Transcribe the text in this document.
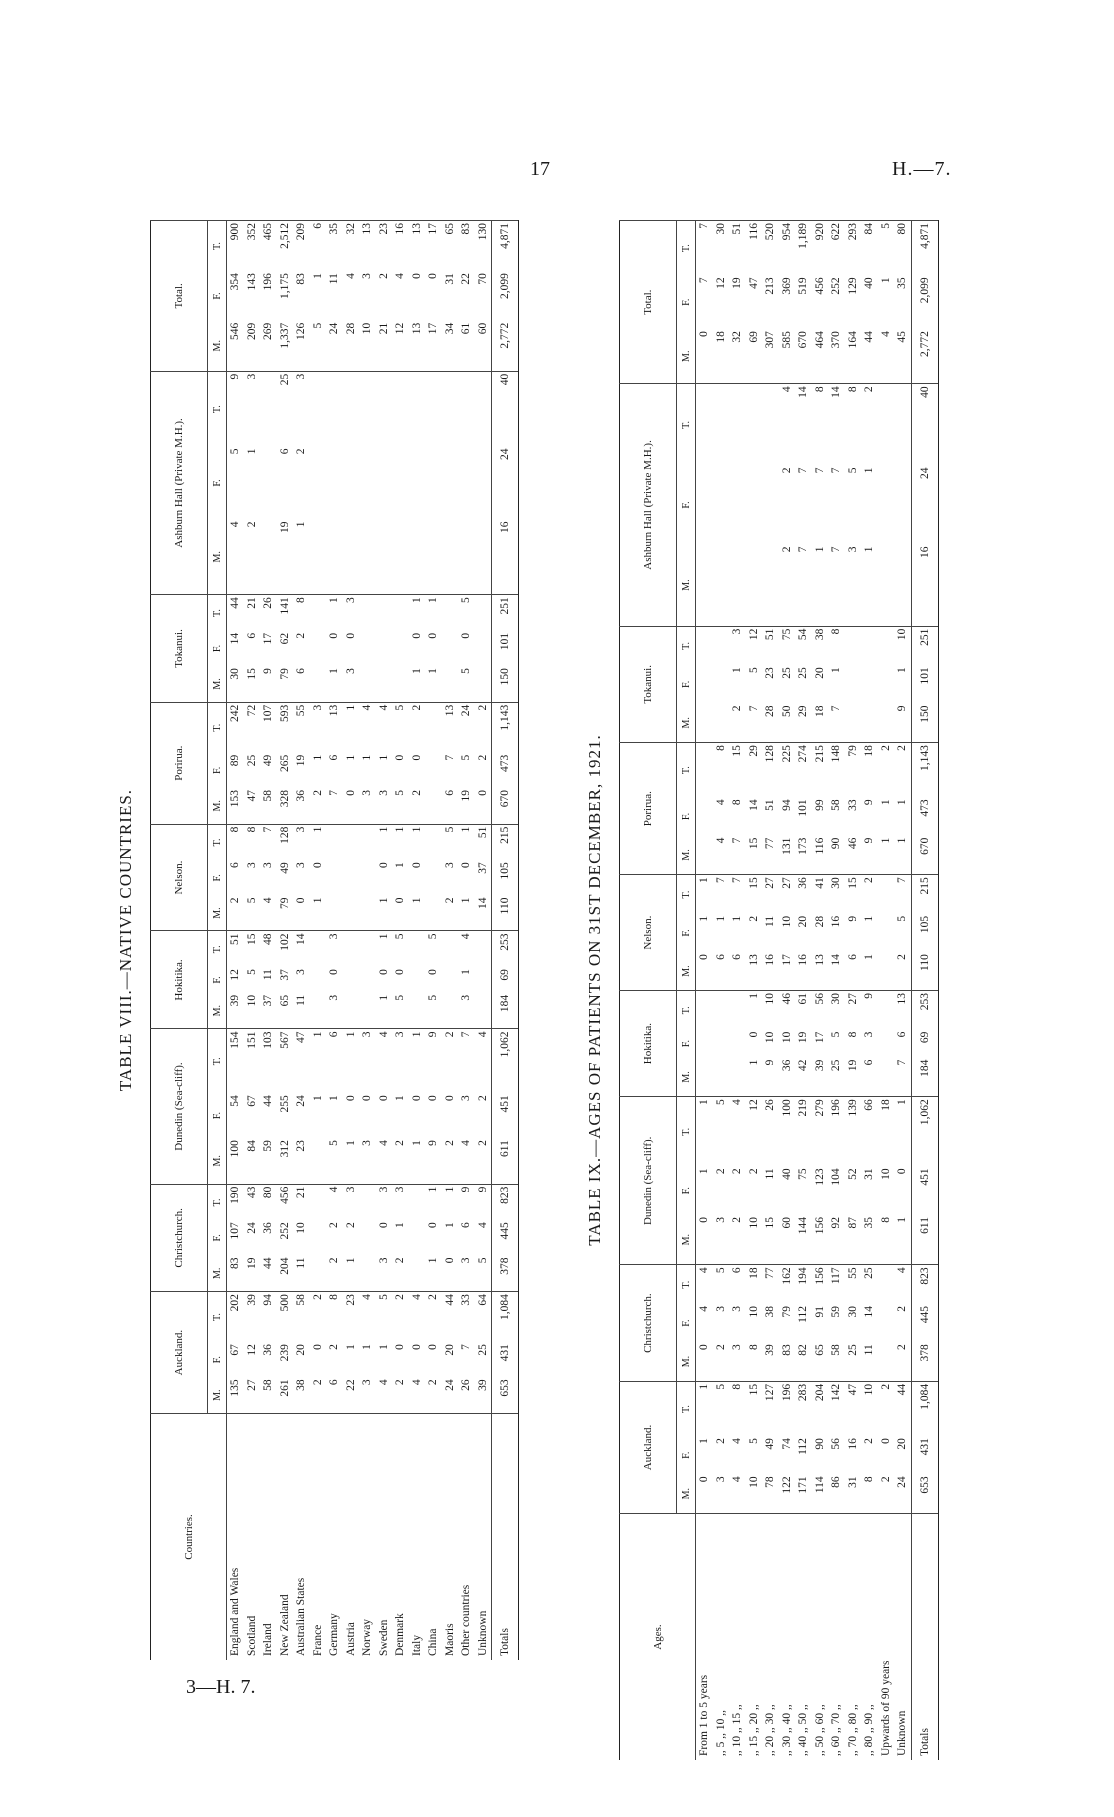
17	H.—7.
3—H. 7.
TABLE VIII.—NATIVE COUNTRIES.
Countries.	Auckland.			Christchurch.			Dunedin (Sea-cliff).			Hokitika.			Nelson.			Porirua.			Tokanui.			Ashburn Hall (Private M.H.).			Total.		
	M.	F.	T.	M.	F.	T.	M.	F.	T.	M.	F.	T.	M.	F.	T.	M.	F.	T.	M.	F.	T.	M.	F.	T.	M.	F.	T.
England and Wales	135	67	202	83	107	190	100	54	154	39	12	51	2	6	8	153	89	242	30	14	44	4	5	9	546	354	900
Scotland	27	12	39	19	24	43	84	67	151	10	5	15	5	3	8	47	25	72	15	6	21	2	1	3	209	143	352
Ireland	58	36	94	44	36	80	59	44	103	37	11	48	4	3	7	58	49	107	9	17	26				269	196	465
New Zealand	261	239	500	204	252	456	312	255	567	65	37	102	79	49	128	328	265	593	79	62	141	19	6	25	1,337	1,175	2,512
Australian States	38	20	58	11	10	21	23	24	47	11	3	14	0	3	3	36	19	55	6	2	8	1	2	3	126	83	209
France	2	0	2					1	1				1	0	1	2	1	3							5	1	6
Germany	6	2	8	2	2	4	5	1	6	3	0	3				7	6	13	1	0	1				24	11	35
Austria	22	1	23	1	2	3	1	0	1							0	1	1	3	0	3				28	4	32
Norway	3	1	4				3	0	3							3	1	4							10	3	13
Sweden	4	1	5	3	0	3	4	0	4	1	0	1	1	0	1	3	1	4							21	2	23
Denmark	2	0	2	2	1	3	2	1	3	5	0	5	0	1	1	5	0	5							12	4	16
Italy	4	0	4				1	0	1				1	0	1	2	0	2	1	0	1				13	0	13
China	2	0	2	1	0	1	9	0	9	5	0	5							1	0	1				17	0	17
Maoris	24	20	44	0	1	1	2	0	2				2	3	5	6	7	13							34	31	65
Other countries	26	7	33	3	6	9	4	3	7	3	1	4	1	0	1	19	5	24	5	0	5				61	22	83
Unknown	39	25	64	5	4	9	2	2	4				14	37	51	0	2	2							60	70	130
Totals	653	431	1,084	378	445	823	611	451	1,062	184	69	253	110	105	215	670	473	1,143	150	101	251	16	24	40	2,772	2,099	4,871
TABLE IX.—AGES OF PATIENTS ON 31ST DECEMBER, 1921.
Ages.	Auckland.			Christchurch.			Dunedin (Sea-cliff).			Hokitika.			Nelson.			Porirua.			Tokanui.			Ashburn Hall (Private M.H.).			Total.		
	M.	F.	T.	M.	F.	T.	M.	F.	T.	M.	F.	T.	M.	F.	T.	M.	F.	T.	M.	F.	T.	M.	F.	T.	M.	F.	T.
From 1 to 5 years	0	1	1	0	4	4	0	1	1				0	1	1										0	7	7
,, 5 ,, 10 ,,	3	2	5	2	3	5	3	2	5				6	1	7	4	4	8							18	12	30
,, 10 ,, 15 ,,	4	4	8	3	3	6	2	2	4				6	1	7	7	8	15	2	1	3				32	19	51
,, 15 ,, 20 ,,	10	5	15	8	10	18	10	2	12	1	0	1	13	2	15	15	14	29	7	5	12				69	47	116
,, 20 ,, 30 ,,	78	49	127	39	38	77	15	11	26	9	10	10	16	11	27	77	51	128	28	23	51				307	213	520
,, 30 ,, 40 ,,	122	74	196	83	79	162	60	40	100	36	10	46	17	10	27	131	94	225	50	25	75	2	2	4	585	369	954
,, 40 ,, 50 ,,	171	112	283	82	112	194	144	75	219	42	19	61	16	20	36	173	101	274	29	25	54	7	7	14	670	519	1,189
,, 50 ,, 60 ,,	114	90	204	65	91	156	156	123	279	39	17	56	13	28	41	116	99	215	18	20	38	1	7	8	464	456	920
,, 60 ,, 70 ,,	86	56	142	58	59	117	92	104	196	25	5	30	14	16	30	90	58	148	7	1	8	7	7	14	370	252	622
,, 70 ,, 80 ,,	31	16	47	25	30	55	87	52	139	19	8	27	6	9	15	46	33	79				3	5	8	164	129	293
,, 80 ,, 90 ,,	8	2	10	11	14	25	35	31	66	6	3	9	1	1	2	9	9	18				1	1	2	44	40	84
Upwards of 90 years	2	0	2				8	10	18							1	1	2							4	1	5
Unknown	24	20	44	2	2	4	1	0	1	7	6	13	2	5	7	1	1	2	9	1	10				45	35	80
Totals	653	431	1,084	378	445	823	611	451	1,062	184	69	253	110	105	215	670	473	1,143	150	101	251	16	24	40	2,772	2,099	4,871
